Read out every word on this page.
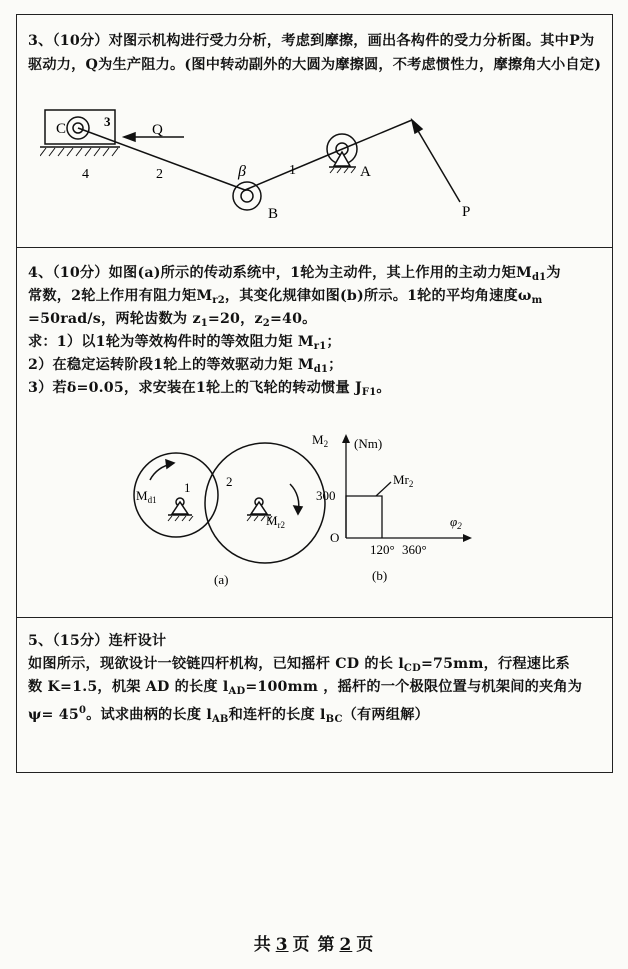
3、（10分）对图示机构进行受力分析，考虑到摩擦，画出各构件的受力分析图。其中P为驱动力，Q为生产阻力。(图中转动副外的大圆为摩擦圆，不考虑惯性力，摩擦角大小自定)
C	3
Q
4	2	β	1
B
A
P
4、（10分）如图(a)所示的传动系统中，1轮为主动件，其上作用的主动力矩$M_{d1}$为
常数，2轮上作用有阻力矩$M_{r2}$，其变化规律如图(b)所示。1轮的平均角速度$\omega_m$
=50rad/s，两轮齿数为 $z_1=20$，$z_2=40$。
求：1）以1轮为等效构件时的等效阻力矩 $M_{r1}$；
2）在稳定运转阶段1轮上的等效驱动力矩 $M_{d1}$；
3）若δ=0.05，求安装在1轮上的飞轮的转动惯量 $J_{F1}$。
$M_{d1}$
1	2
$M_{r2}$
(a)
$M_2$ (Nm)
300
O
120° 360°
$\varphi_2$
$Mr_2$
(b)
5、（15分）连杆设计
如图所示，现欲设计一铰链四杆机构，已知摇杆 CD 的长 $l_{CD}=75mm$，行程速比系
数 K=1.5，机架 AD 的长度 $l_{AD}=100mm$ ，摇杆的一个极限位置与机架间的夹角为
$\psi= 45^0$。试求曲柄的长度 $l_{AB}$和连杆的长度 $l_{BC}$（有两组解）
共 3 页 第 2 页
